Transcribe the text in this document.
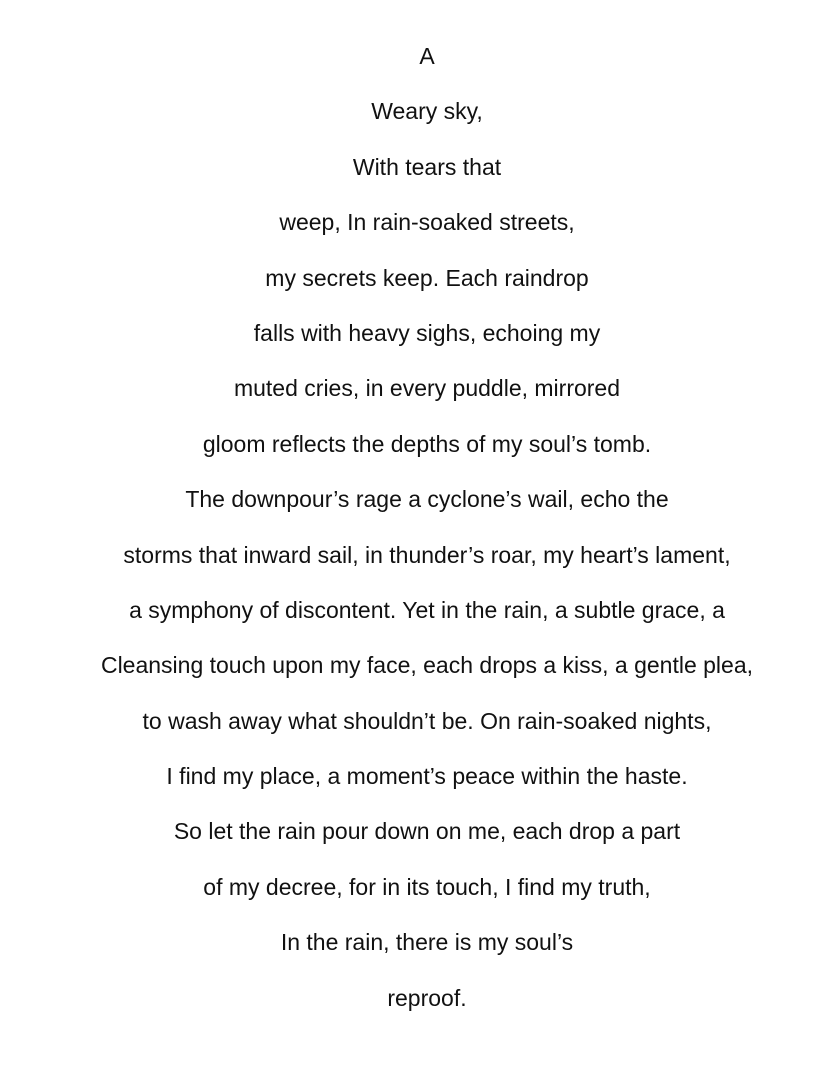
A
Weary sky,
With tears that
weep, In rain-soaked streets,
my secrets keep. Each raindrop
falls with heavy sighs, echoing my
muted cries, in every puddle, mirrored
gloom reflects the depths of my soul’s tomb.
The downpour’s rage a cyclone’s wail, echo the
storms that inward sail, in thunder’s roar, my heart’s lament,
a symphony of discontent. Yet in the rain, a subtle grace, a
Cleansing touch upon my face, each drops a kiss, a gentle plea,
to wash away what shouldn’t be. On rain-soaked nights,
I find my place, a moment’s peace within the haste.
So let the rain pour down on me, each drop a part
of my decree, for in its touch, I find my truth,
In the rain, there is my soul’s
reproof.
